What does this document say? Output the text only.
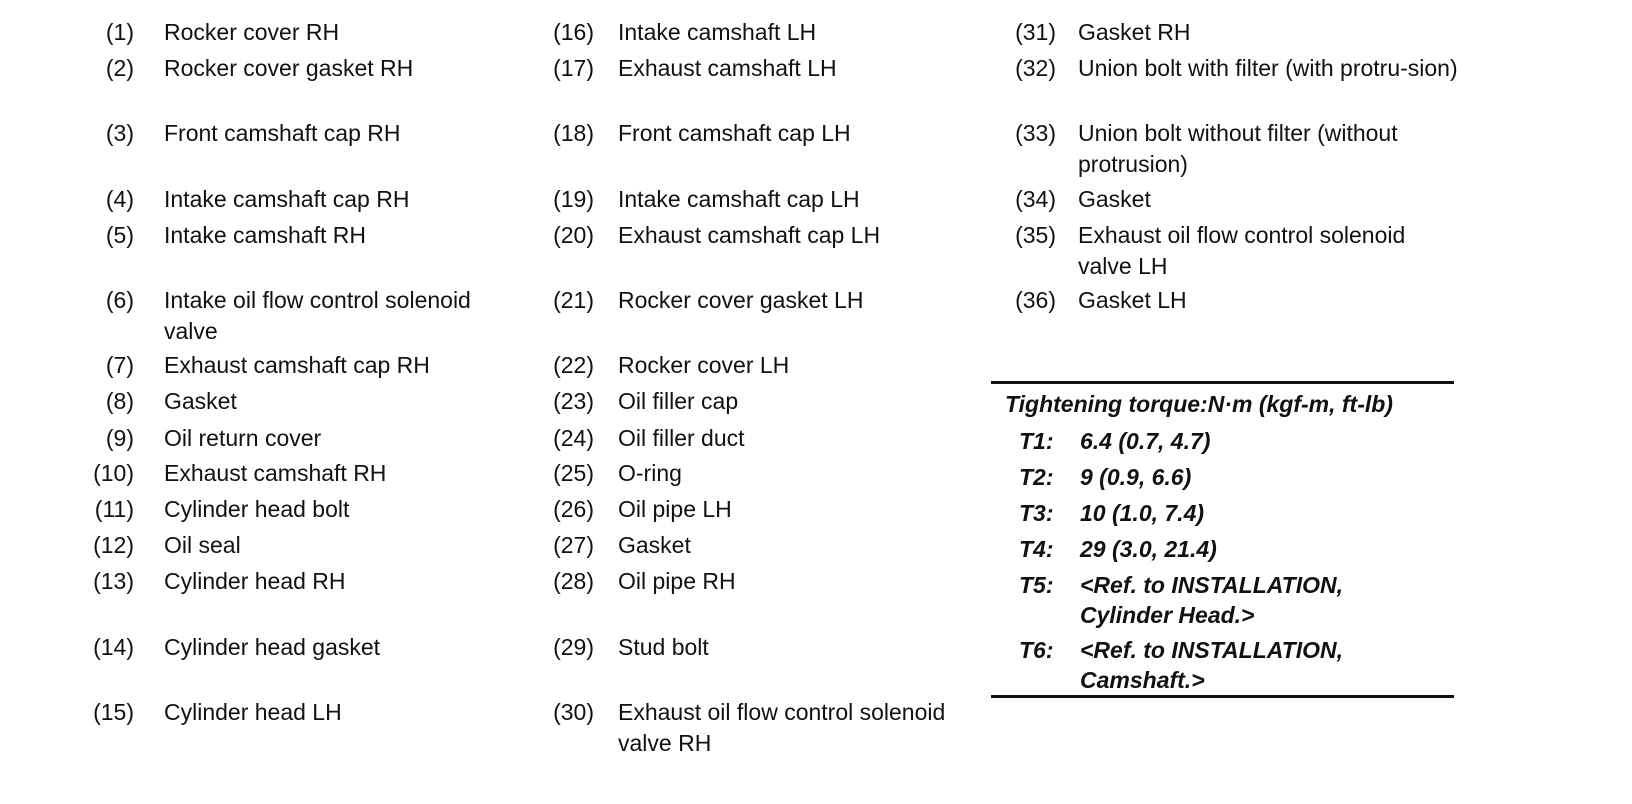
(1) Rocker cover RH
(2) Rocker cover gasket RH
(3) Front camshaft cap RH
(4) Intake camshaft cap RH
(5) Intake camshaft RH
(6) Intake oil flow control solenoid valve
(7) Exhaust camshaft cap RH
(8) Gasket
(9) Oil return cover
(10) Exhaust camshaft RH
(11) Cylinder head bolt
(12) Oil seal
(13) Cylinder head RH
(14) Cylinder head gasket
(15) Cylinder head LH
(16) Intake camshaft LH
(17) Exhaust camshaft LH
(18) Front camshaft cap LH
(19) Intake camshaft cap LH
(20) Exhaust camshaft cap LH
(21) Rocker cover gasket LH
(22) Rocker cover LH
(23) Oil filler cap
(24) Oil filler duct
(25) O-ring
(26) Oil pipe LH
(27) Gasket
(28) Oil pipe RH
(29) Stud bolt
(30) Exhaust oil flow control solenoid valve RH
(31) Gasket RH
(32) Union bolt with filter (with protru-sion)
(33) Union bolt without filter (without protrusion)
(34) Gasket
(35) Exhaust oil flow control solenoid valve LH
(36) Gasket LH
Tightening torque:N·m (kgf-m, ft-lb)
T1: 6.4 (0.7, 4.7)
T2: 9 (0.9, 6.6)
T3: 10 (1.0, 7.4)
T4: 29 (3.0, 21.4)
T5: <Ref. to INSTALLATION, Cylinder Head.>
T6: <Ref. to INSTALLATION, Camshaft.>
